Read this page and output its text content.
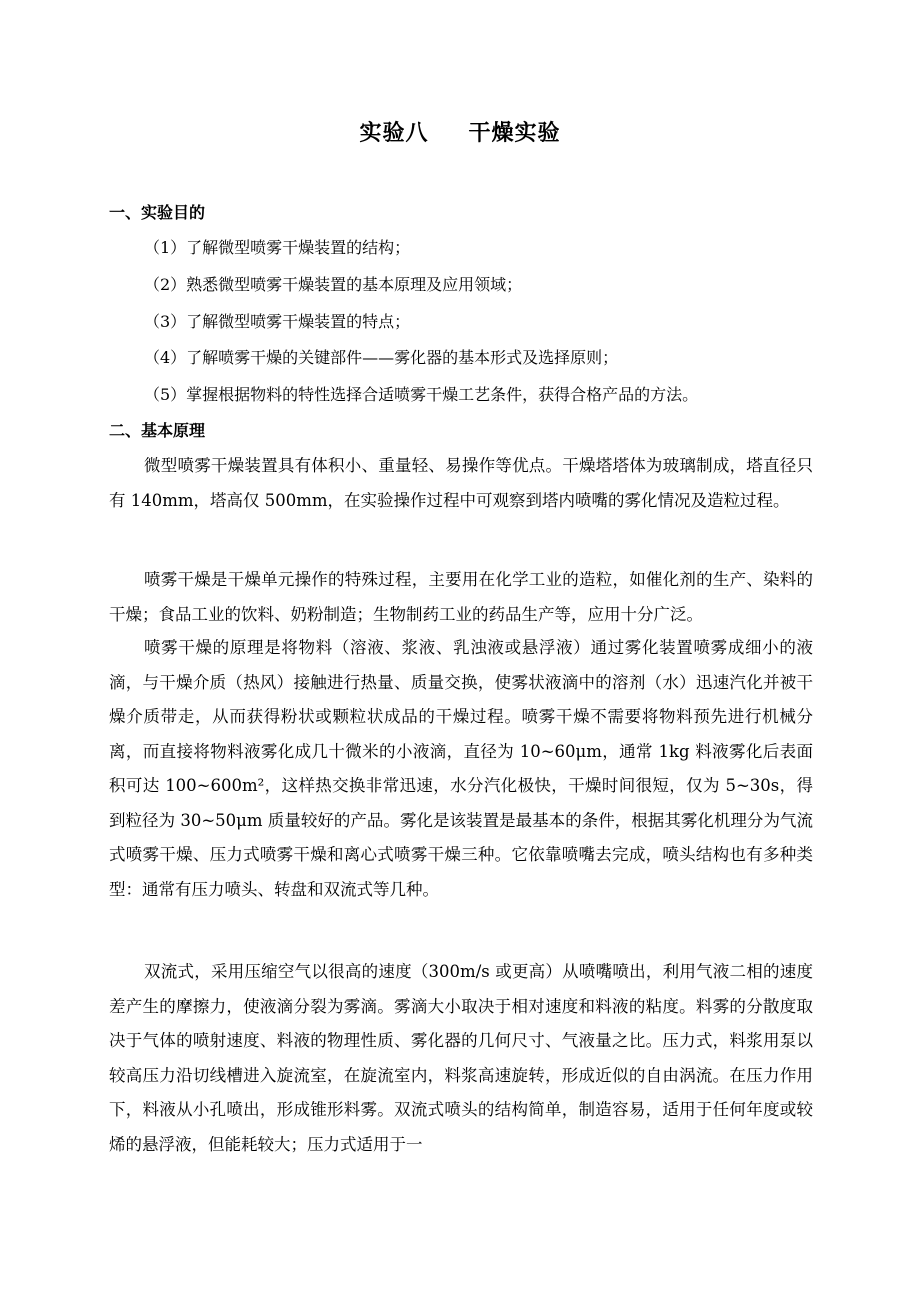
实验八 干燥实验
一、实验目的
（1）了解微型喷雾干燥装置的结构；
（2）熟悉微型喷雾干燥装置的基本原理及应用领域；
（3）了解微型喷雾干燥装置的特点；
（4）了解喷雾干燥的关键部件——雾化器的基本形式及选择原则；
（5）掌握根据物料的特性选择合适喷雾干燥工艺条件，获得合格产品的方法。
二、基本原理

微型喷雾干燥装置具有体积小、重量轻、易操作等优点。干燥塔塔体为玻璃制成，塔直径只有 140mm，塔高仅 500mm，在实验操作过程中可观察到塔内喷嘴的雾化情况及造粒过程。

喷雾干燥是干燥单元操作的特殊过程，主要用在化学工业的造粒，如催化剂的生产、染料的干燥；食品工业的饮料、奶粉制造；生物制药工业的药品生产等，应用十分广泛。

喷雾干燥的原理是将物料（溶液、浆液、乳浊液或悬浮液）通过雾化装置喷雾成细小的液滴，与干燥介质（热风）接触进行热量、质量交换，使雾状液滴中的溶剂（水）迅速汽化并被干燥介质带走，从而获得粉状或颗粒状成品的干燥过程。喷雾干燥不需要将物料预先进行机械分离，而直接将物料液雾化成几十微米的小液滴，直径为 10~60μm，通常 1kg 料液雾化后表面积可达 100~600m²，这样热交换非常迅速，水分汽化极快，干燥时间很短，仅为 5~30s，得到粒径为 30~50μm 质量较好的产品。雾化是该装置是最基本的条件，根据其雾化机理分为气流式喷雾干燥、压力式喷雾干燥和离心式喷雾干燥三种。它依靠喷嘴去完成，喷头结构也有多种类型：通常有压力喷头、转盘和双流式等几种。

双流式，采用压缩空气以很高的速度（300m/s 或更高）从喷嘴喷出，利用气液二相的速度差产生的摩擦力，使液滴分裂为雾滴。雾滴大小取决于相对速度和料液的粘度。料雾的分散度取决于气体的喷射速度、料液的物理性质、雾化器的几何尺寸、气液量之比。压力式，料浆用泵以较高压力沿切线槽进入旋流室，在旋流室内，料浆高速旋转，形成近似的自由涡流。在压力作用下，料液从小孔喷出，形成锥形料雾。双流式喷头的结构简单，制造容易，适用于任何年度或较烯的悬浮液，但能耗较大；压力式适用于一
